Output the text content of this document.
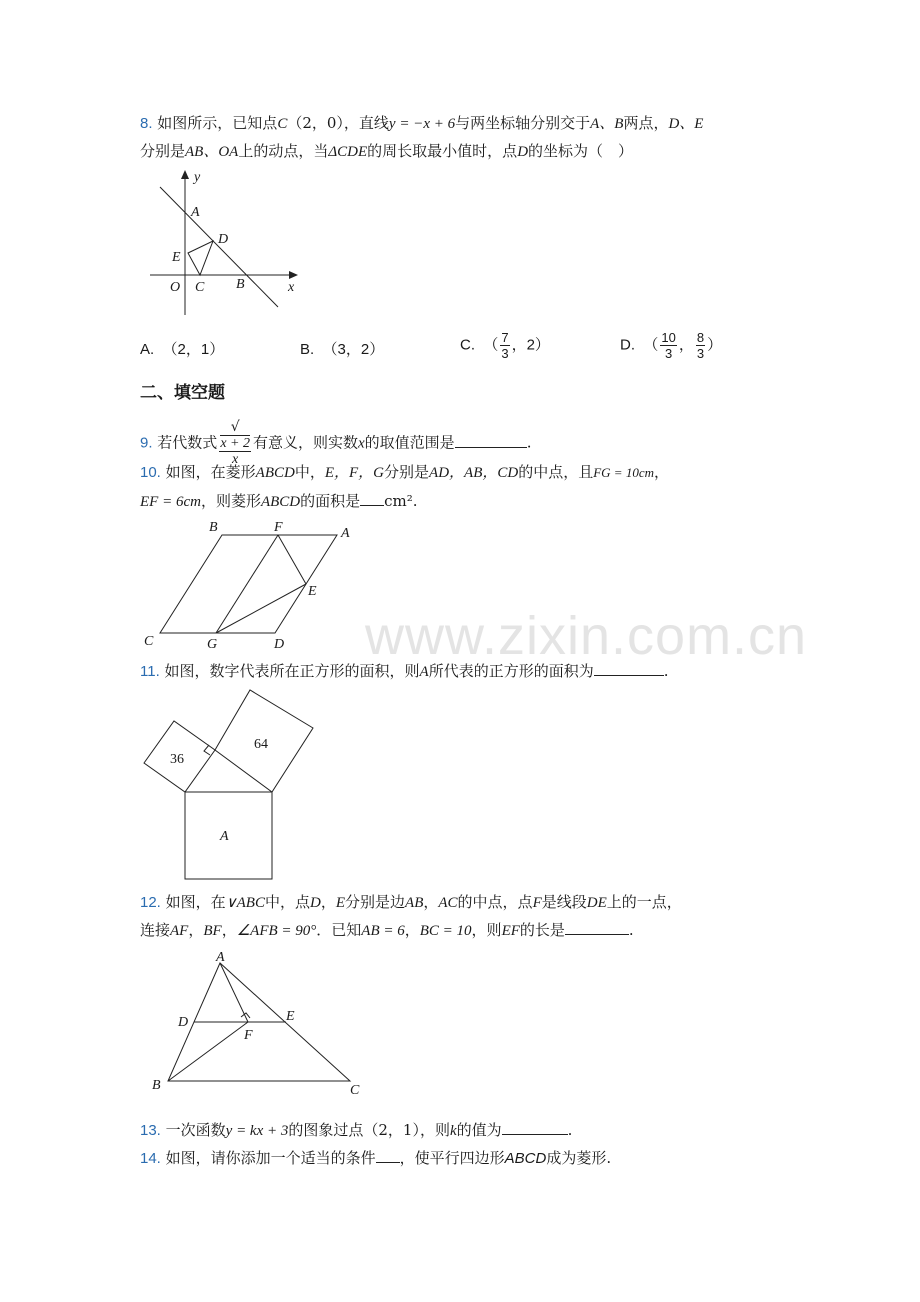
www.zixin.com.cn
8. 如图所示，已知点C（2，0），直线y = −x + 6与两坐标轴分别交于A、B两点，D、E
分别是AB、OA上的动点，当ΔCDE的周长取最小值时，点D的坐标为（　）
y
x
A
D
E
O C B
A. （2，1）	B. （3，2）	C. （ $\frac{7}{3}$ ，2）	D. （ $\frac{10}{3}$ ， $\frac{8}{3}$ ）
二、填空题
9. 若代数式 √
x + 2
x 有意义，则实数x的取值范围是	.
10. 如图，在菱形ABCD中，E，F，G分别是AD，AB，CD的中点，且FG = 10cm，
EF = 6cm，则菱形ABCD的面积是 cm².
B	F	A
E
C	G	D
11. 如图，数字代表所在正方形的面积，则A所代表的正方形的面积为	.
36
64
A
12. 如图，在∨ABC中，点D，E分别是边AB，AC的中点，点F是线段DE上的一点，
连接AF，BF，∠AFB = 90°．已知AB = 6，BC = 10，则EF的长是	.
A
D	E
F
B	C
13. 一次函数y = kx + 3的图象过点（2，1），则k的值为	.
14. 如图，请你添加一个适当的条件 ，使平行四边形ABCD成为菱形.
